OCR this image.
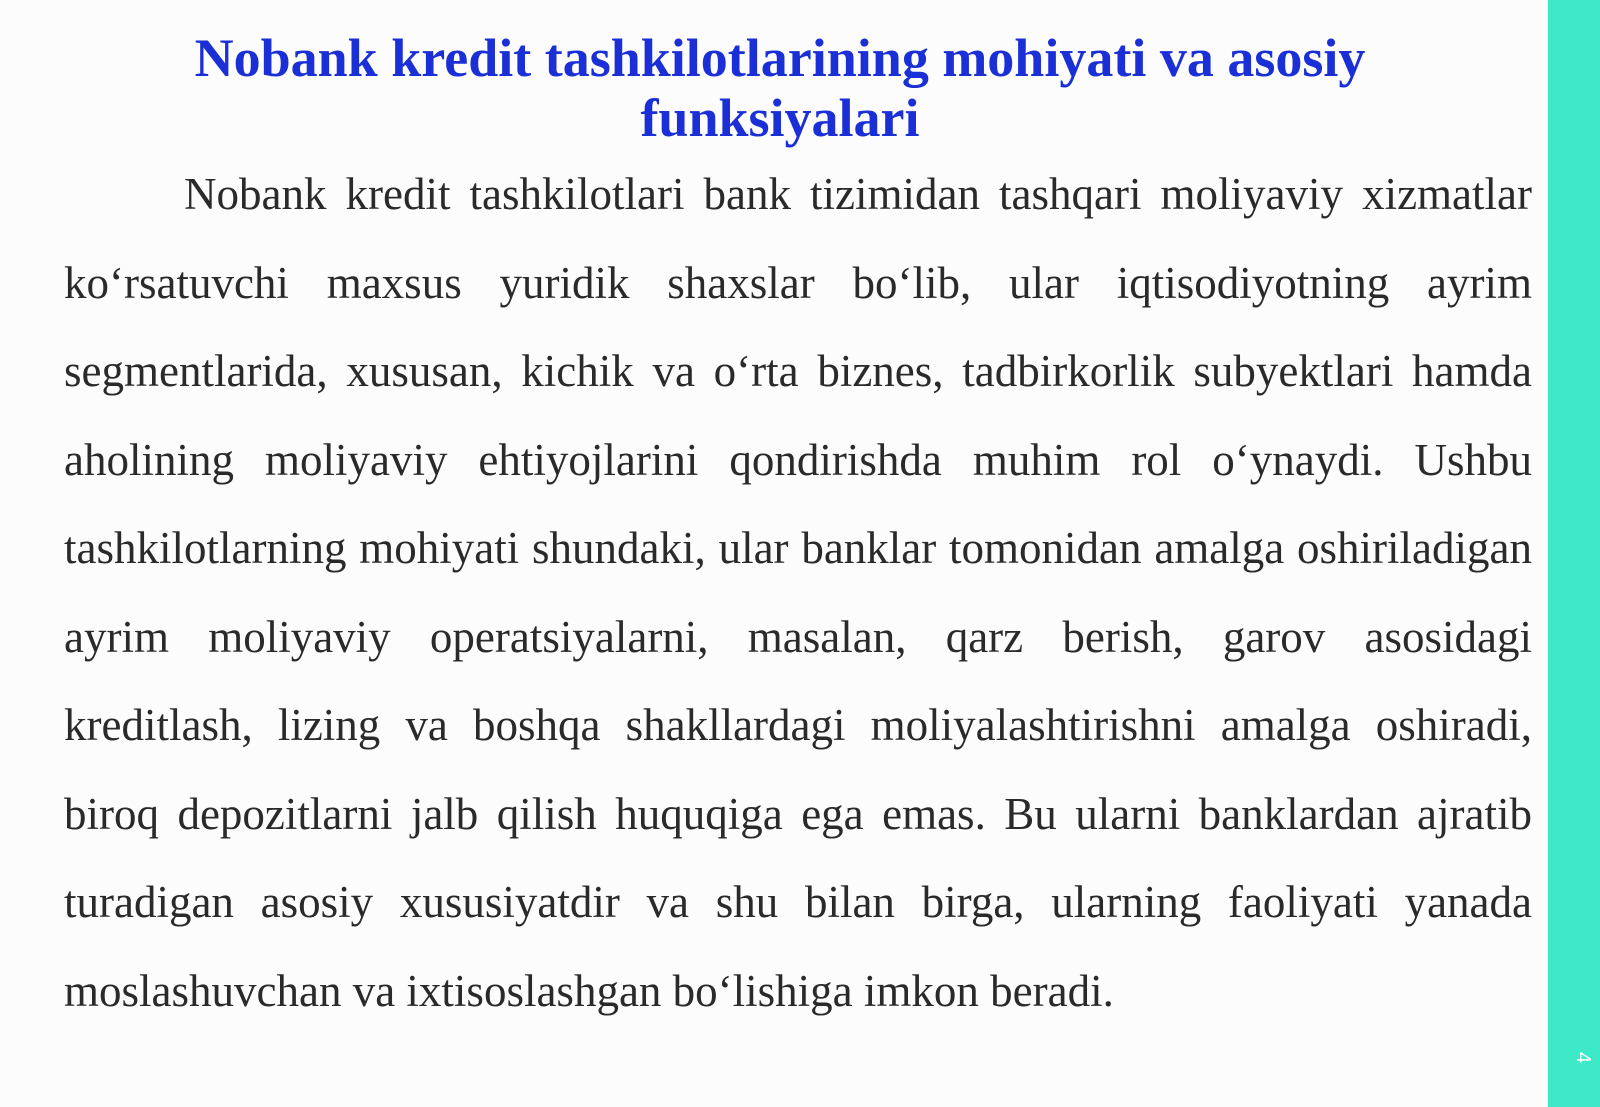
Nobank kredit tashkilotlarining mohiyati va asosiy funksiyalari

Nobank kredit tashkilotlari bank tizimidan tashqari moliyaviy xizmatlar ko‘rsatuvchi maxsus yuridik shaxslar bo‘lib, ular iqtisodiyotning ayrim segmentlarida, xususan, kichik va o‘rta biznes, tadbirkorlik subyektlari hamda aholining moliyaviy ehtiyojlarini qondirishda muhim rol o‘ynaydi. Ushbu tashkilotlarning mohiyati shundaki, ular banklar tomonidan amalga oshiriladigan ayrim moliyaviy operatsiyalarni, masalan, qarz berish, garov asosidagi kreditlash, lizing va boshqa shakllardagi moliyalashtirishni amalga oshiradi, biroq depozitlarni jalb qilish huquqiga ega emas. Bu ularni banklardan ajratib turadigan asosiy xususiyatdir va shu bilan birga, ularning faoliyati yanada moslashuvchan va ixtisoslashgan bo‘lishiga imkon beradi.

4
